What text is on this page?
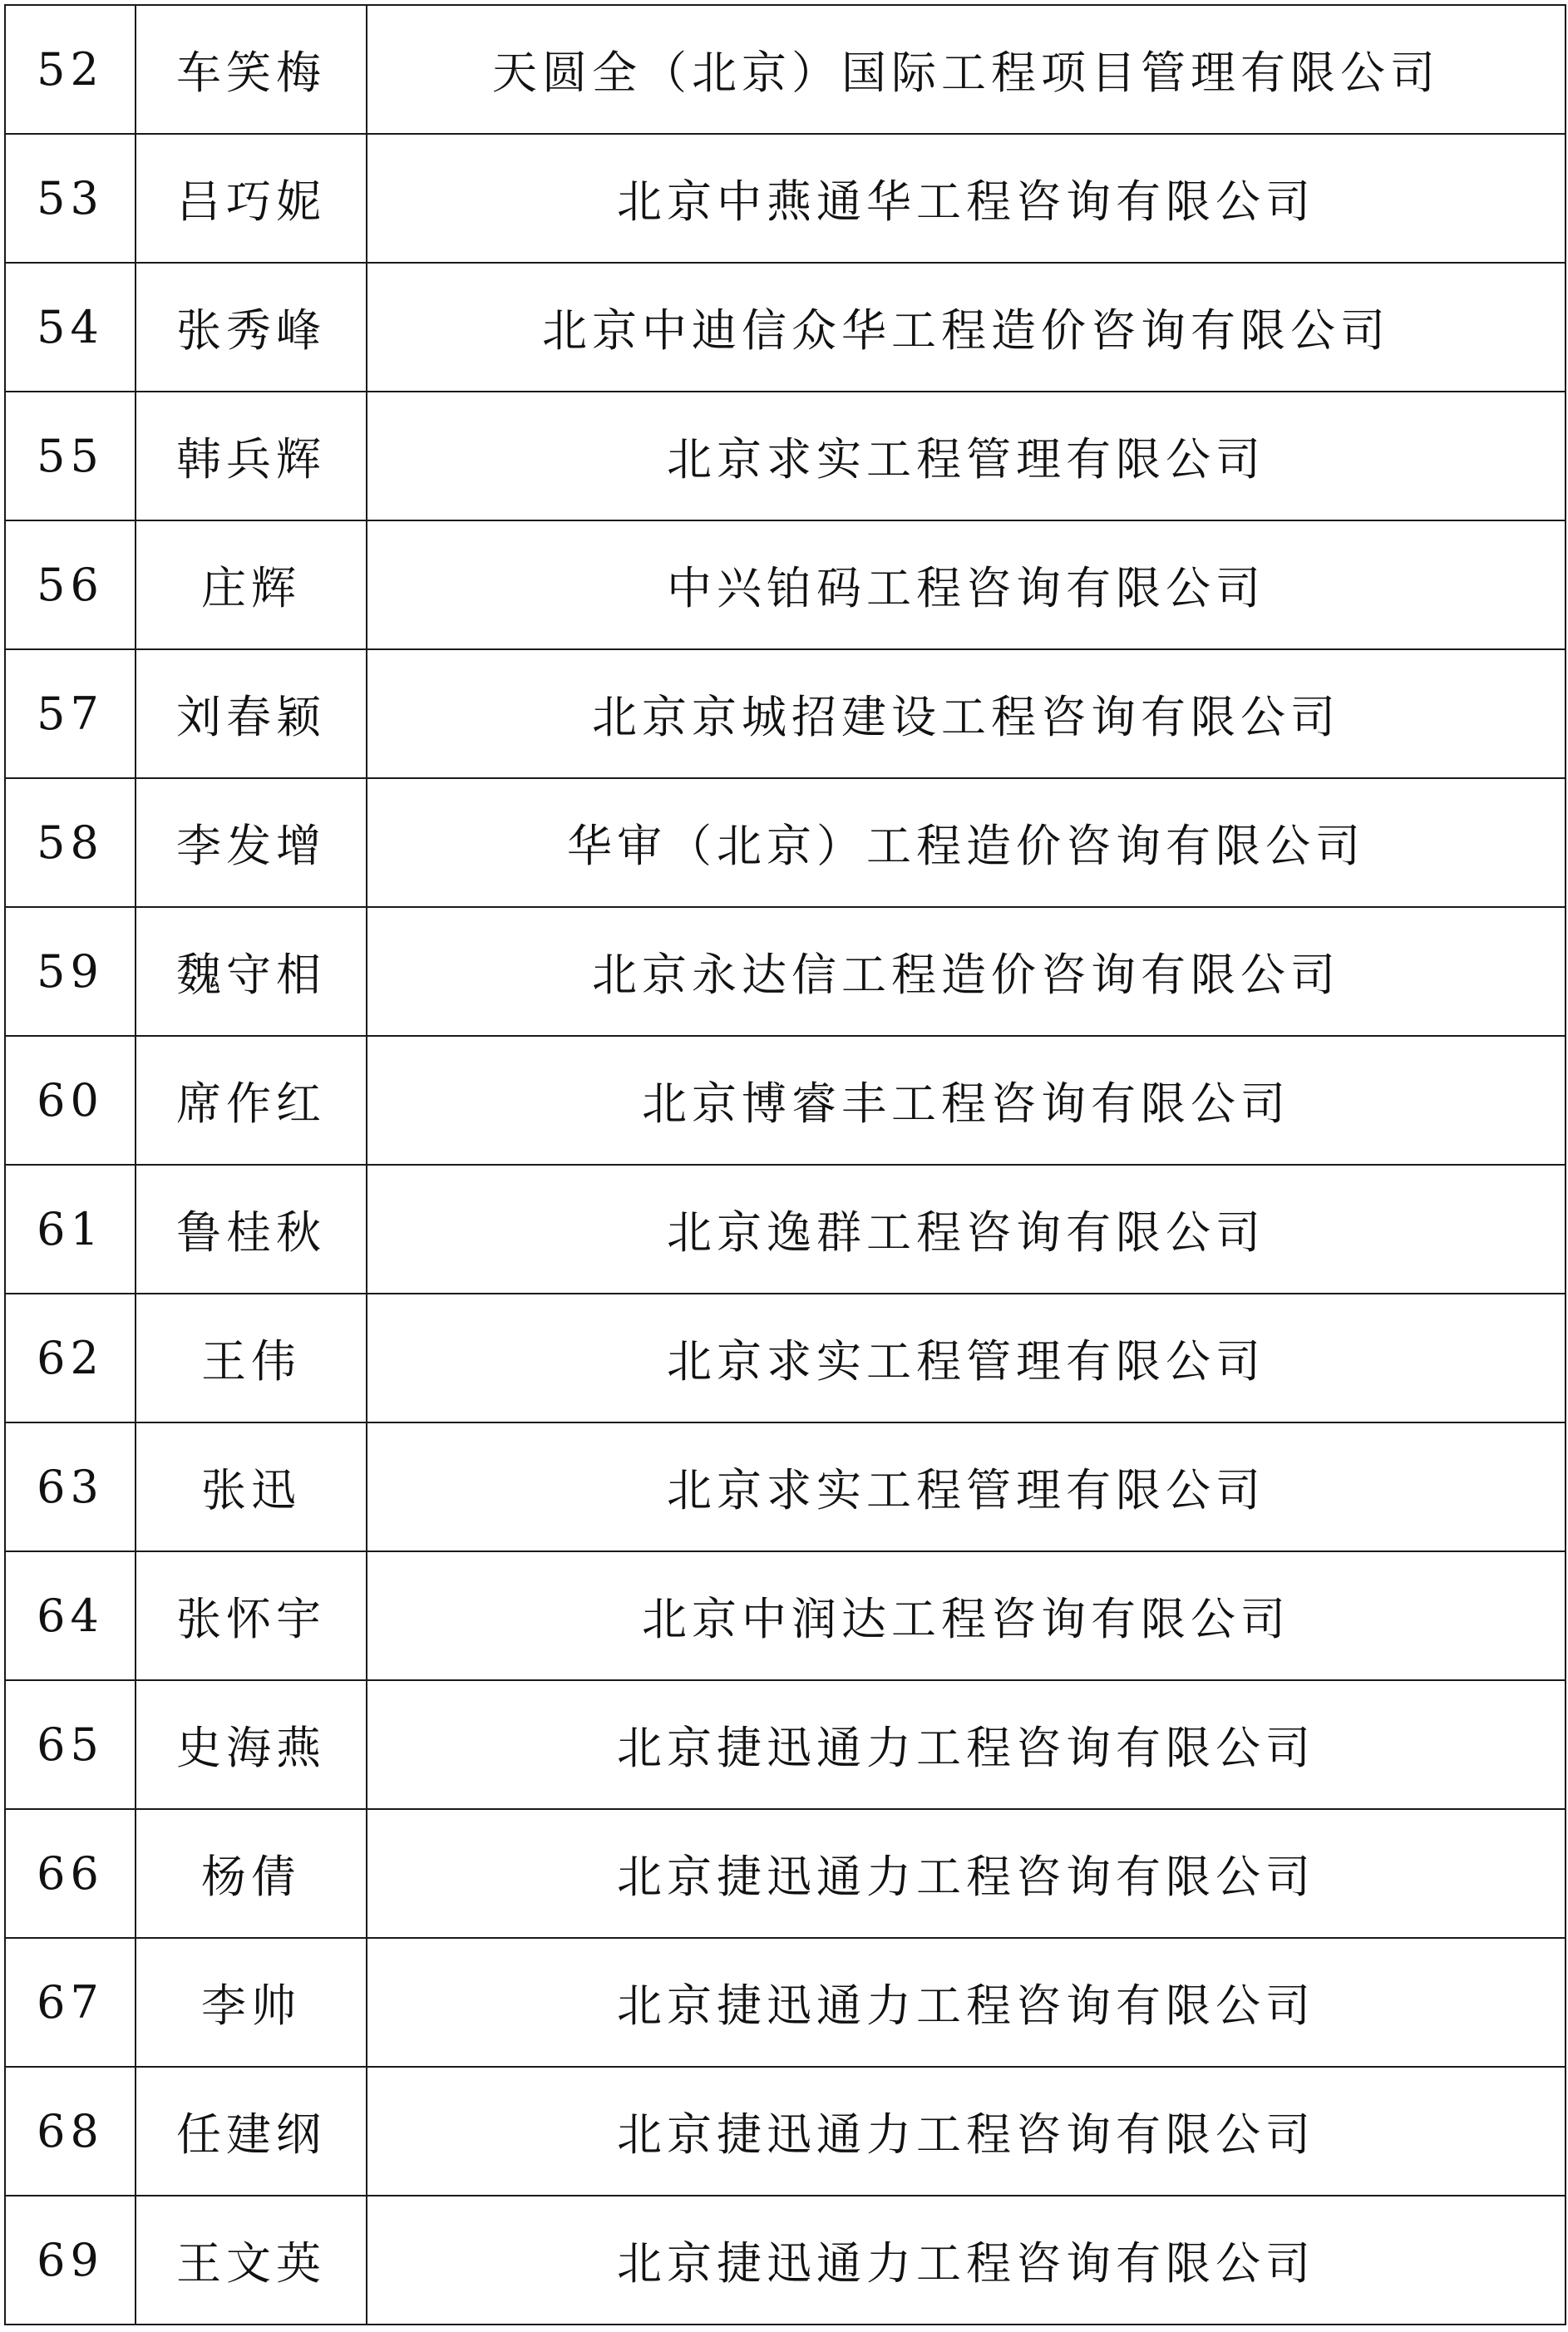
52	车笑梅	天圆全（北京）国际工程项目管理有限公司
53	吕巧妮	北京中燕通华工程咨询有限公司
54	张秀峰	北京中迪信众华工程造价咨询有限公司
55	韩兵辉	北京求实工程管理有限公司
56	庄辉	中兴铂码工程咨询有限公司
57	刘春颖	北京京城招建设工程咨询有限公司
58	李发增	华审（北京）工程造价咨询有限公司
59	魏守相	北京永达信工程造价咨询有限公司
60	席作红	北京博睿丰工程咨询有限公司
61	鲁桂秋	北京逸群工程咨询有限公司
62	王伟	北京求实工程管理有限公司
63	张迅	北京求实工程管理有限公司
64	张怀宇	北京中润达工程咨询有限公司
65	史海燕	北京捷迅通力工程咨询有限公司
66	杨倩	北京捷迅通力工程咨询有限公司
67	李帅	北京捷迅通力工程咨询有限公司
68	任建纲	北京捷迅通力工程咨询有限公司
69	王文英	北京捷迅通力工程咨询有限公司
